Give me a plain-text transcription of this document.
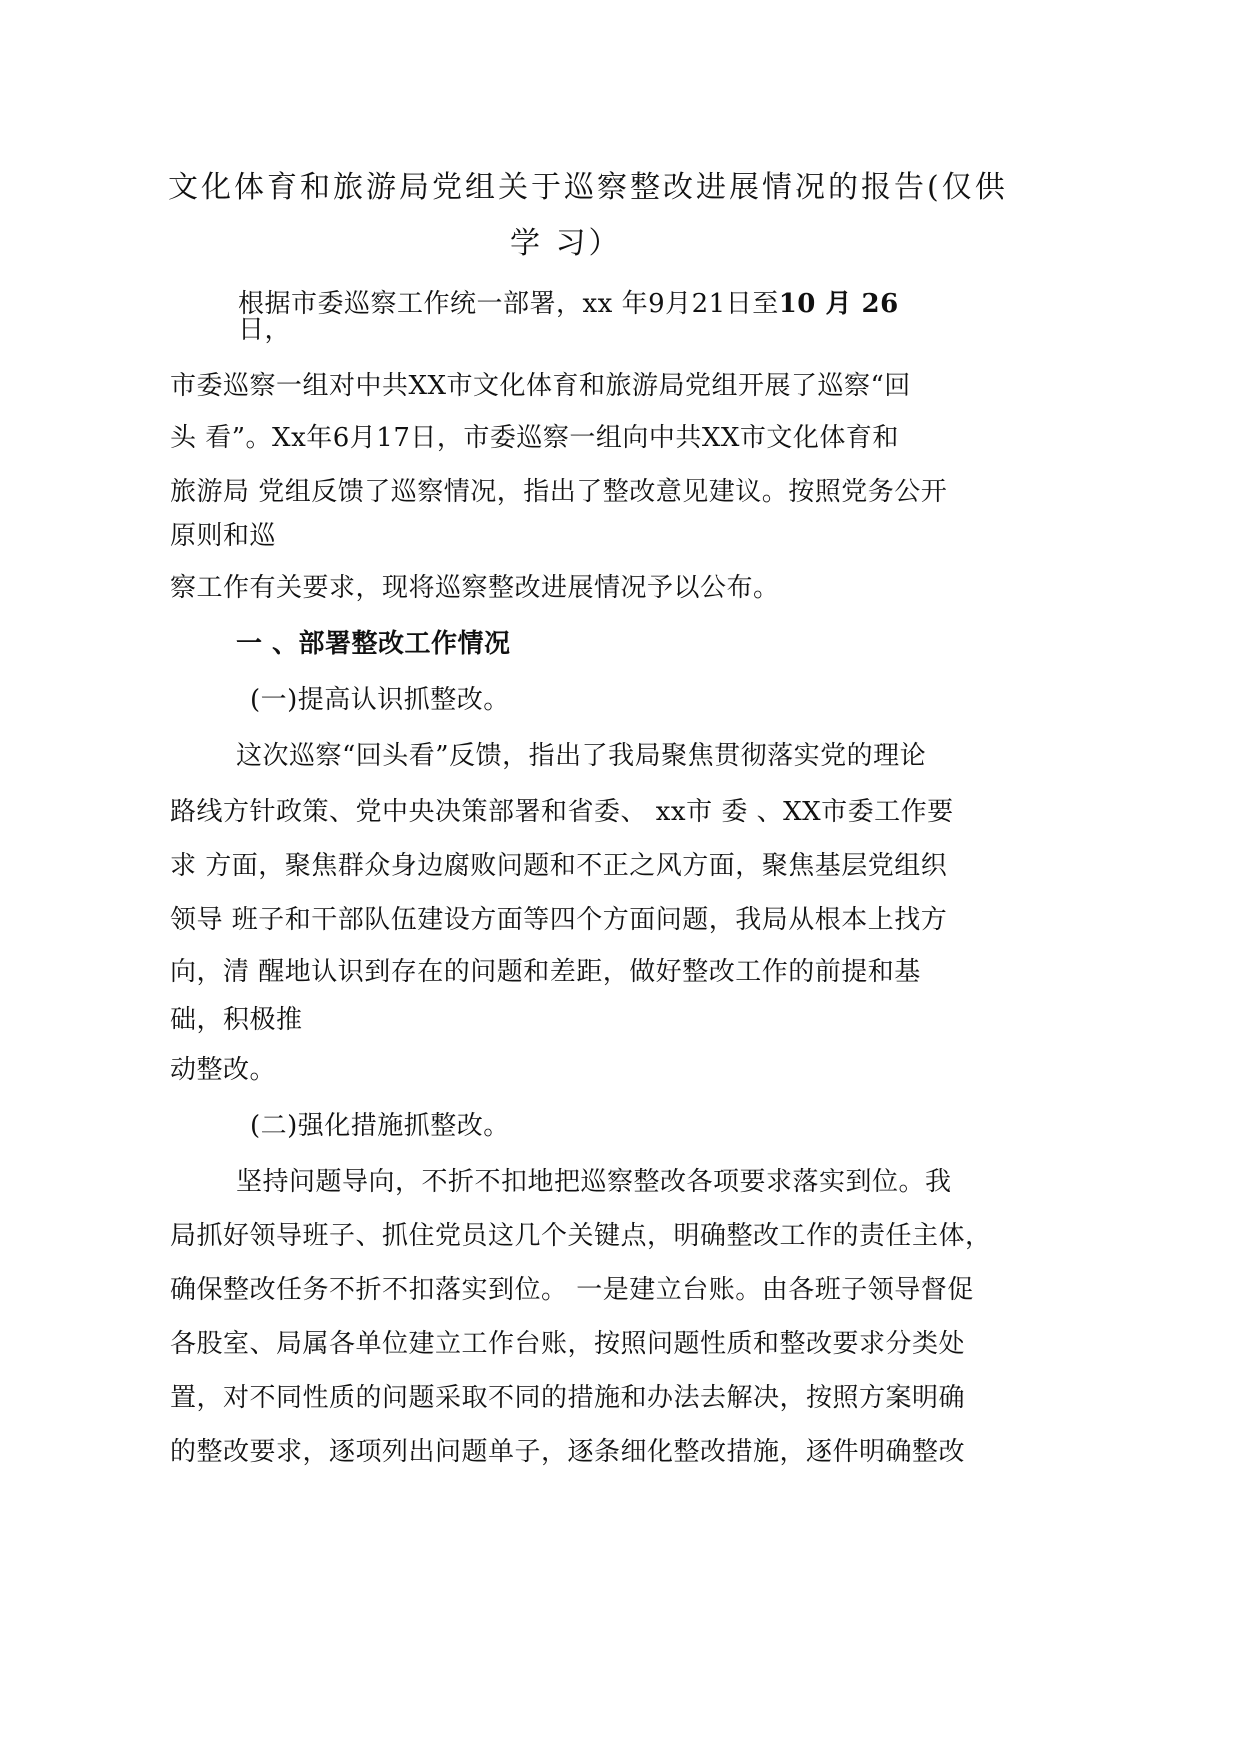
文化体育和旅游局党组关于巡察整改进展情况的报告(仅供
学 习）
根据市委巡察工作统一部署，xx 年9月21日至10 月 26
日，
市委巡察一组对中共XX市文化体育和旅游局党组开展了巡察“回
头 看”。Xx年6月17日，市委巡察一组向中共XX市文化体育和
旅游局 党组反馈了巡察情况，指出了整改意见建议。按照党务公开
原则和巡
察工作有关要求，现将巡察整改进展情况予以公布。
一 、部署整改工作情况
(一)提高认识抓整改。
这次巡察“回头看”反馈，指出了我局聚焦贯彻落实党的理论
路线方针政策、党中央决策部署和省委、 xx市 委 、XX市委工作要
求 方面，聚焦群众身边腐败问题和不正之风方面，聚焦基层党组织
领导 班子和干部队伍建设方面等四个方面问题，我局从根本上找方
向，清 醒地认识到存在的问题和差距，做好整改工作的前提和基
础，积极推
动整改。
(二)强化措施抓整改。
坚持问题导向，不折不扣地把巡察整改各项要求落实到位。我
局抓好领导班子、抓住党员这几个关键点，明确整改工作的责任主体，
确保整改任务不折不扣落实到位。 一是建立台账。由各班子领导督促
各股室、局属各单位建立工作台账，按照问题性质和整改要求分类处
置，对不同性质的问题采取不同的措施和办法去解决，按照方案明确
的整改要求，逐项列出问题单子，逐条细化整改措施，逐件明确整改
